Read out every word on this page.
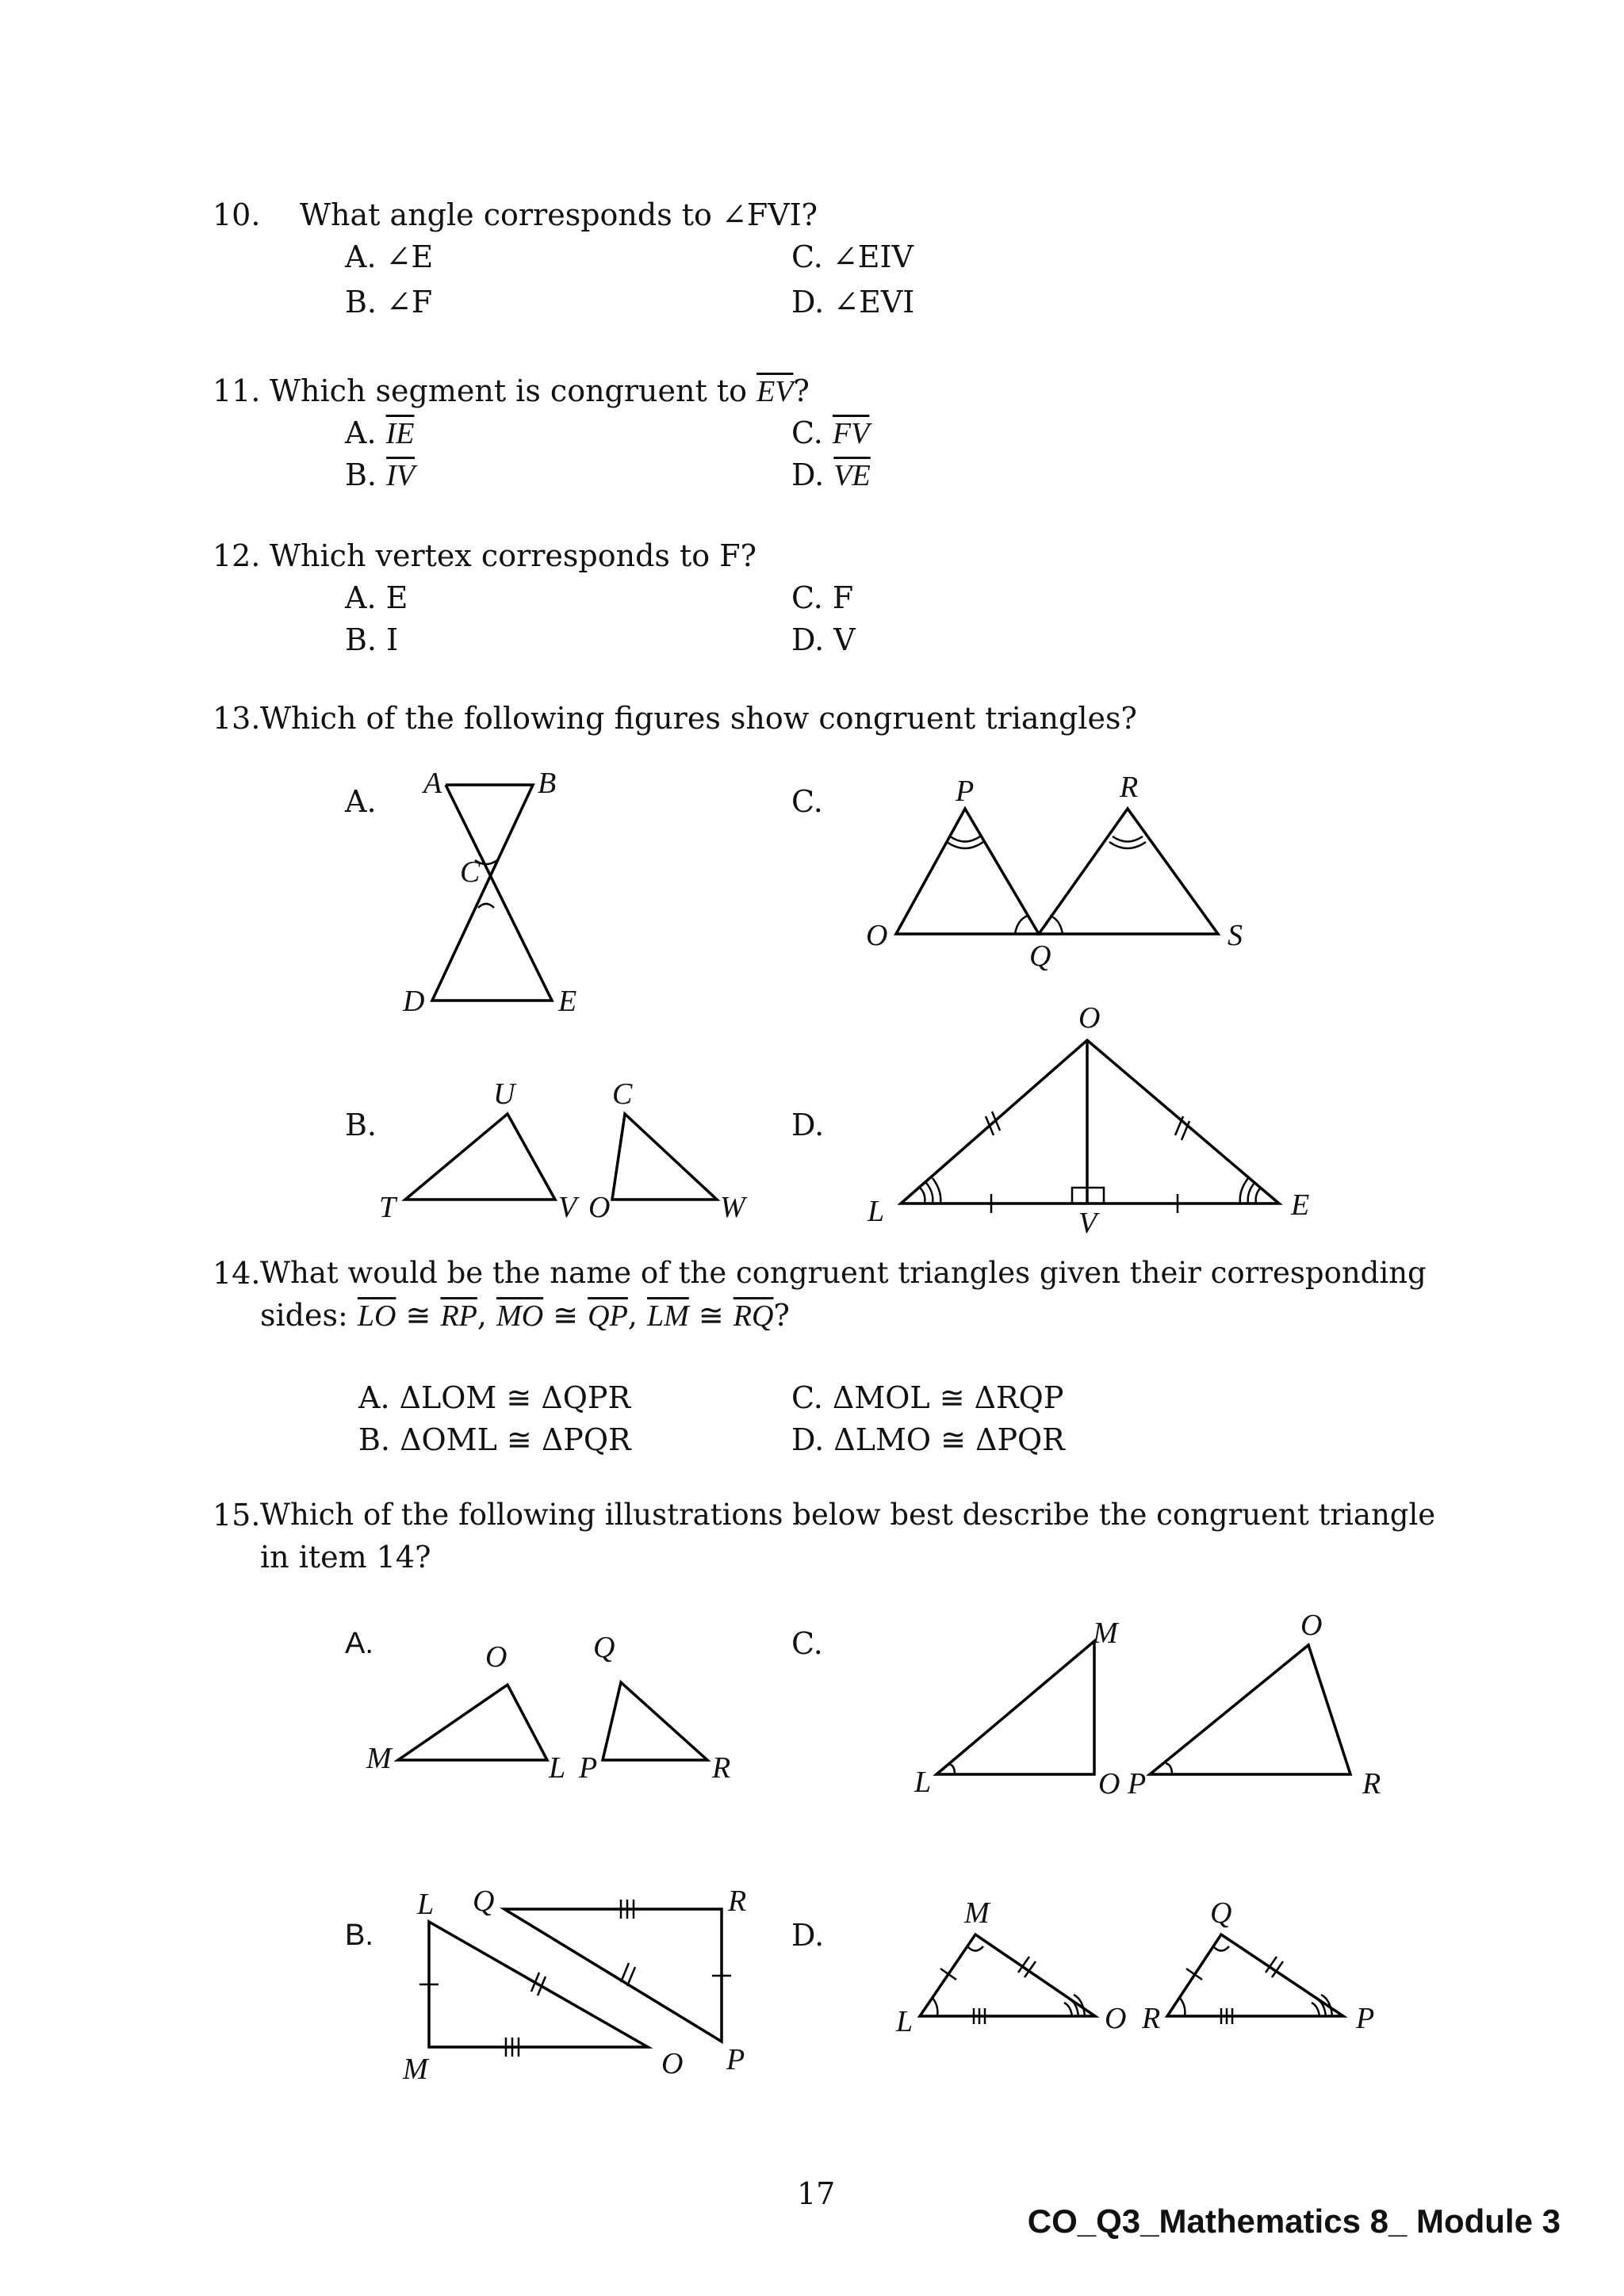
10. What angle corresponds to ∠FVI?
A. ∠E	C. ∠EIV
B. ∠F	D. ∠EVI
11. Which segment is congruent to $\overline{EV}$?
A. $\overline{IE}$	C. $\overline{FV}$
B. $\overline{IV}$	D. $\overline{VE}$
12. Which vertex corresponds to F?
A. E	C. F
B. I	D. V
13. Which of the following figures show congruent triangles?
A.	C.
B.	D.
14. What would be the name of the congruent triangles given their corresponding
sides: $\overline{LO}$ ≅ $\overline{RP}$, $\overline{MO}$ ≅ $\overline{QP}$, $\overline{LM}$ ≅ $\overline{RQ}$?
A. ΔLOM ≅ ΔQPR	C. ΔMOL ≅ ΔRQP
B. ΔOML ≅ ΔPQR	D. ΔLMO ≅ ΔPQR
15. Which of the following illustrations below best describe the congruent triangle
in item 14?
A.	C.
B.	D.
A	B
C
D	E
U	C
T	V O	W
P	R
O
Q
S
O
L	V
E
O	Q
M	L P	R
L Q	R
M	O P
M	O
L	O P	R
M	Q
L	O R	P
17
CO_Q3_Mathematics 8_ Module 3
